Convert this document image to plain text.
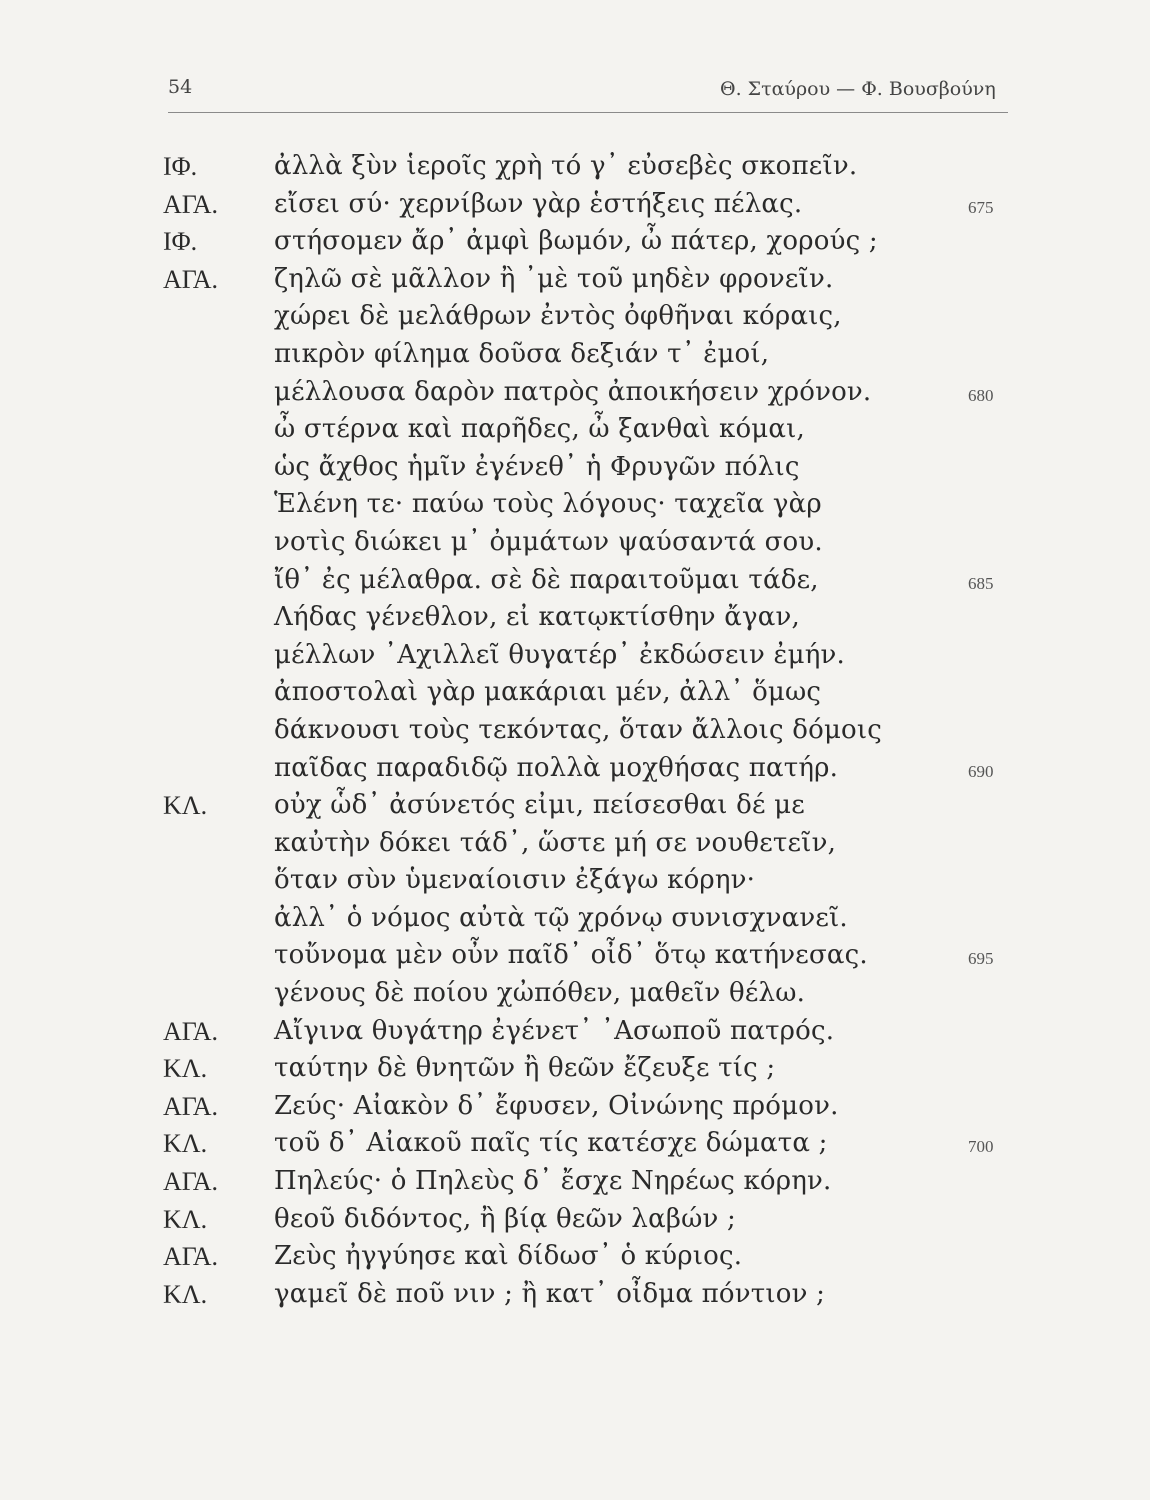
54	Θ. Σταύρου — Φ. Βουσβούνη
ΙΦ.	ἀλλὰ ξὺν ἱεροῖς χρὴ τό γ᾽ εὐσεβὲς σκοπεῖν.
ΑΓΑ. εἴσει σύ· χερνίβων γὰρ ἑστήξεις πέλας.	675
ΙΦ.	στήσομεν ἄρ᾽ ἀμφὶ βωμόν, ὦ πάτερ, χορούς ;
ΑΓΑ. ζηλῶ σὲ μᾶλλον ἢ ᾽μὲ τοῦ μηδὲν φρονεῖν.
χώρει δὲ μελάθρων ἐντὸς ὀφθῆναι κόραις,
πικρὸν φίλημα δοῦσα δεξιάν τ᾽ ἐμοί,
μέλλουσα δαρὸν πατρὸς ἀποικήσειν χρόνον.	680
ὦ στέρνα καὶ παρῆδες, ὦ ξανθαὶ κόμαι,
ὡς ἄχθος ἡμῖν ἐγένεθ᾽ ἡ Φρυγῶν πόλις
Ἑλένη τε· παύω τοὺς λόγους· ταχεῖα γὰρ
νοτὶς διώκει μ᾽ ὀμμάτων ψαύσαντά σου.
ἴθ᾽ ἐς μέλαθρα. σὲ δὲ παραιτοῦμαι τάδε,	685
Λήδας γένεθλον, εἰ κατῳκτίσθην ἄγαν,
μέλλων ᾽Αχιλλεῖ θυγατέρ᾽ ἐκδώσειν ἐμήν.
ἀποστολαὶ γὰρ μακάριαι μέν, ἀλλ᾽ ὅμως
δάκνουσι τοὺς τεκόντας, ὅταν ἄλλοις δόμοις
παῖδας παραδιδῷ πολλὰ μοχθήσας πατήρ.	690
ΚΛ.	οὐχ ὧδ᾽ ἀσύνετός εἰμι, πείσεσθαι δέ με
καὐτὴν δόκει τάδ᾽, ὥστε μή σε νουθετεῖν,
ὅταν σὺν ὑμεναίοισιν ἐξάγω κόρην·
ἀλλ᾽ ὁ νόμος αὐτὰ τῷ χρόνῳ συνισχνανεῖ.
τοὔνομα μὲν οὖν παῖδ᾽ οἶδ᾽ ὅτῳ κατήνεσας.	695
γένους δὲ ποίου χὠπόθεν, μαθεῖν θέλω.
ΑΓΑ. Αἴγινα θυγάτηρ ἐγένετ᾽ ᾽Ασωποῦ πατρός.
ΚΛ.	ταύτην δὲ θνητῶν ἢ θεῶν ἔζευξε τίς ;
ΑΓΑ. Ζεύς· Αἰακὸν δ᾽ ἔφυσεν, Οἰνώνης πρόμον.
ΚΛ.	τοῦ δ᾽ Αἰακοῦ παῖς τίς κατέσχε δώματα ;	700
ΑΓΑ. Πηλεύς· ὁ Πηλεὺς δ᾽ ἔσχε Νηρέως κόρην.
ΚΛ.	θεοῦ διδόντος, ἢ βίᾳ θεῶν λαβών ;
ΑΓΑ. Ζεὺς ἠγγύησε καὶ δίδωσ᾽ ὁ κύριος.
ΚΛ.	γαμεῖ δὲ ποῦ νιν ; ἢ κατ᾽ οἶδμα πόντιον ;
